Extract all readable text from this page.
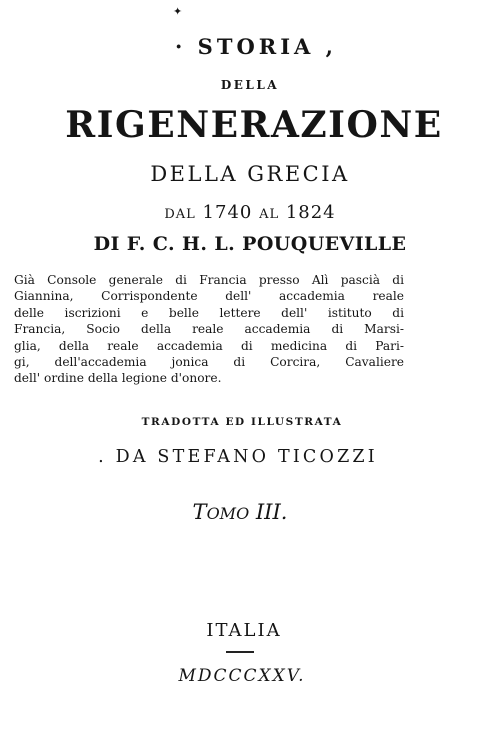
✦
· STORIA ,
DELLA
RIGENERAZIONE
DELLA GRECIA
dal 1740 al 1824
DI F. C. H. L. POUQUEVILLE
Già Console generale di Francia presso Alì pascià di
Giannina, Corrispondente dell' accademia reale
delle iscrizioni e belle lettere dell' istituto di
Francia, Socio della reale accademia di Marsi-
glia, della reale accademia di medicina di Pari-
gi, dell'accademia jonica di Corcira, Cavaliere
dell' ordine della legione d'onore.
TRADOTTA ED ILLUSTRATA
. DA STEFANO TICOZZI
TOMO III.
ITALIA
MDCCCXXV.
